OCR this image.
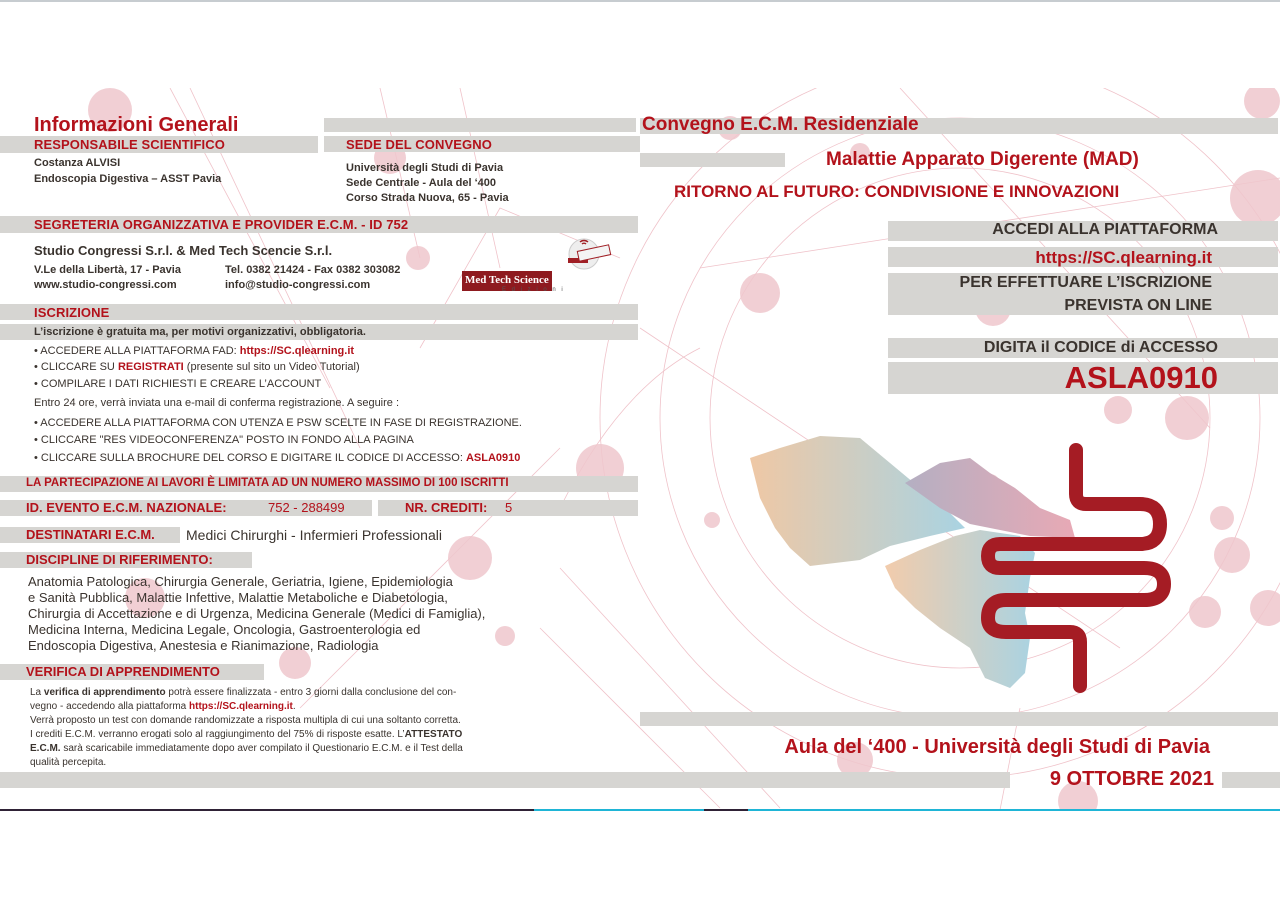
Informazioni Generali
RESPONSABILE SCIENTIFICO
Costanza ALVISI
Endoscopia Digestiva – ASST Pavia
SEDE DEL CONVEGNO
Università degli Studi di Pavia
Sede Centrale - Aula del ‘400
Corso Strada Nuova, 65 - Pavia
SEGRETERIA ORGANIZZATIVA E PROVIDER E.C.M. - ID 752
Studio Congressi S.r.l. & Med Tech Scencie S.r.l.
V.Le della Libertà, 17 - Pavia	Tel. 0382 21424 - Fax 0382 303082
www.studio-congressi.com	info@studio-congressi.com	Med Tech Science
E d i z i o n i
ISCRIZIONE
L’iscrizione è gratuita ma, per motivi organizzativi, obbligatoria.
• ACCEDERE ALLA PIATTAFORMA FAD: https://SC.qlearning.it
• CLICCARE SU REGISTRATI (presente sul sito un Video Tutorial)
• COMPILARE I DATI RICHIESTI E CREARE L’ACCOUNT
Entro 24 ore, verrà inviata una e-mail di conferma registrazione. A seguire :
• ACCEDERE ALLA PIATTAFORMA CON UTENZA E PSW SCELTE IN FASE DI REGISTRAZIONE.
• CLICCARE "RES VIDEOCONFERENZA" POSTO IN FONDO ALLA PAGINA
• CLICCARE SULLA BROCHURE DEL CORSO E DIGITARE IL CODICE DI ACCESSO: ASLA0910
LA PARTECIPAZIONE AI LAVORI È LIMITATA AD UN NUMERO MASSIMO DI 100 ISCRITTI
ID. EVENTO E.C.M. NAZIONALE:	752 - 288499	NR. CREDITI: 5
DESTINATARI E.C.M. Medici Chirurghi - Infermieri Professionali
DISCIPLINE DI RIFERIMENTO:
Anatomia Patologica, Chirurgia Generale, Geriatria, Igiene, Epidemiologia
e Sanità Pubblica, Malattie Infettive, Malattie Metaboliche e Diabetologia,
Chirurgia di Accettazione e di Urgenza, Medicina Generale (Medici di Famiglia),
Medicina Interna, Medicina Legale, Oncologia, Gastroenterologia ed
Endoscopia Digestiva, Anestesia e Rianimazione, Radiologia
VERIFICA DI APPRENDIMENTO
La verifica di apprendimento potrà essere finalizzata - entro 3 giorni dalla conclusione del con-
vegno - accedendo alla piattaforma https://SC.qlearning.it.
Verrà proposto un test con domande randomizzate a risposta multipla di cui una soltanto corretta.
I crediti E.C.M. verranno erogati solo al raggiungimento del 75% di risposte esatte. L’ATTESTATO
E.C.M. sarà scaricabile immediatamente dopo aver compilato il Questionario E.C.M. e il Test della
qualità percepita.
Convegno E.C.M. Residenziale
Malattie Apparato Digerente (MAD)
RITORNO AL FUTURO: CONDIVISIONE E INNOVAZIONI
ACCEDI ALLA PIATTAFORMA
https://SC.qlearning.it
PER EFFETTUARE L’ISCRIZIONE
PREVISTA ON LINE
DIGITA il CODICE di ACCESSO
ASLA0910
Aula del ‘400 - Università degli Studi di Pavia
9 OTTOBRE 2021
